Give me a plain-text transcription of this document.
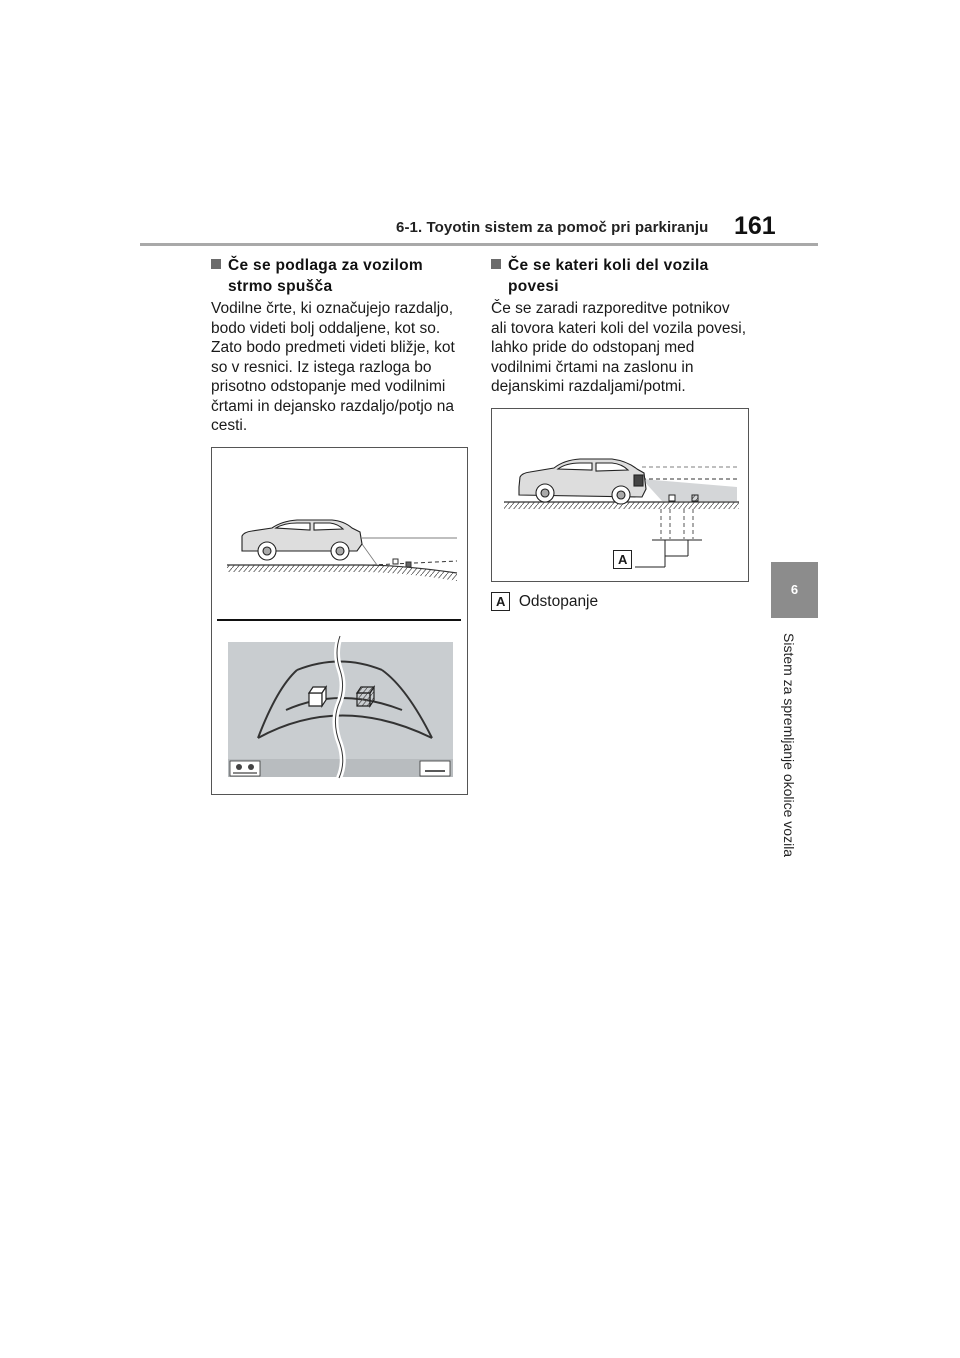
6-1. Toyotin sistem za pomoč pri parkiranju 161
6
Sistem za spremljanje okolice vozila
Če se podlaga za vozilom strmo spušča
Vodilne črte, ki označujejo razdaljo, bodo videti bolj oddaljene, kot so. Zato bodo predmeti videti bližje, kot so v resnici. Iz istega razloga bo prisotno odstopanje med vodilnimi črtami in dejansko razdaljo/potjo na cesti.
Če se kateri koli del vozila povesi
Če se zaradi razporeditve potnikov ali tovora kateri koli del vozila povesi, lahko pride do odstopanj med vodilnimi črtami na zaslonu in dejanskimi razdaljami/potmi.
A
A Odstopanje
